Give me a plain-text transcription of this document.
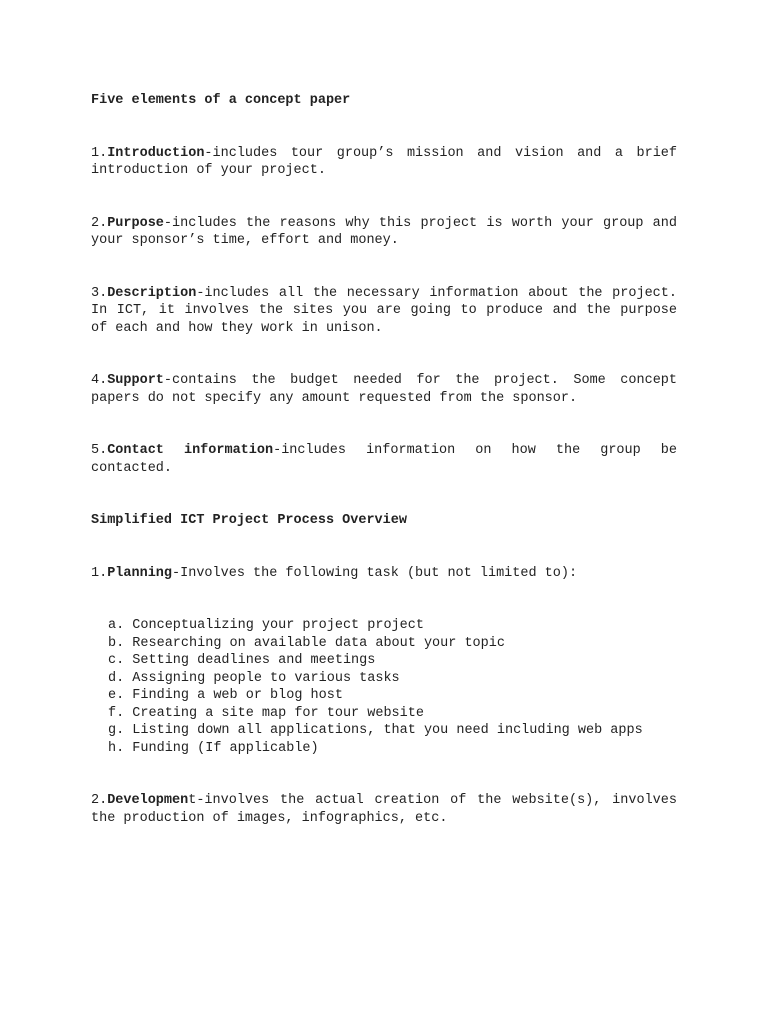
Five elements of a concept paper

1.Introduction-includes tour group’s mission and vision and a brief introduction of your project.

2.Purpose-includes the reasons why this project is worth your group and your sponsor’s time, effort and money.

3.Description-includes all the necessary information about the project. In ICT, it involves the sites you are going to produce and the purpose of each and how they work in unison.

4.Support-contains the budget needed for the project. Some concept papers do not specify any amount requested from the sponsor.

5.Contact information-includes information on how the group be contacted.

Simplified ICT Project Process Overview

1.Planning-Involves the following task (but not limited to):

a. Conceptualizing your project project
b. Researching on available data about your topic
c. Setting deadlines and meetings
d. Assigning people to various tasks
e. Finding a web or blog host
f. Creating a site map for tour website
g. Listing down all applications, that you need including web apps
h. Funding (If applicable)

2.Development-involves the actual creation of the website(s), involves the production of images, infographics, etc.
